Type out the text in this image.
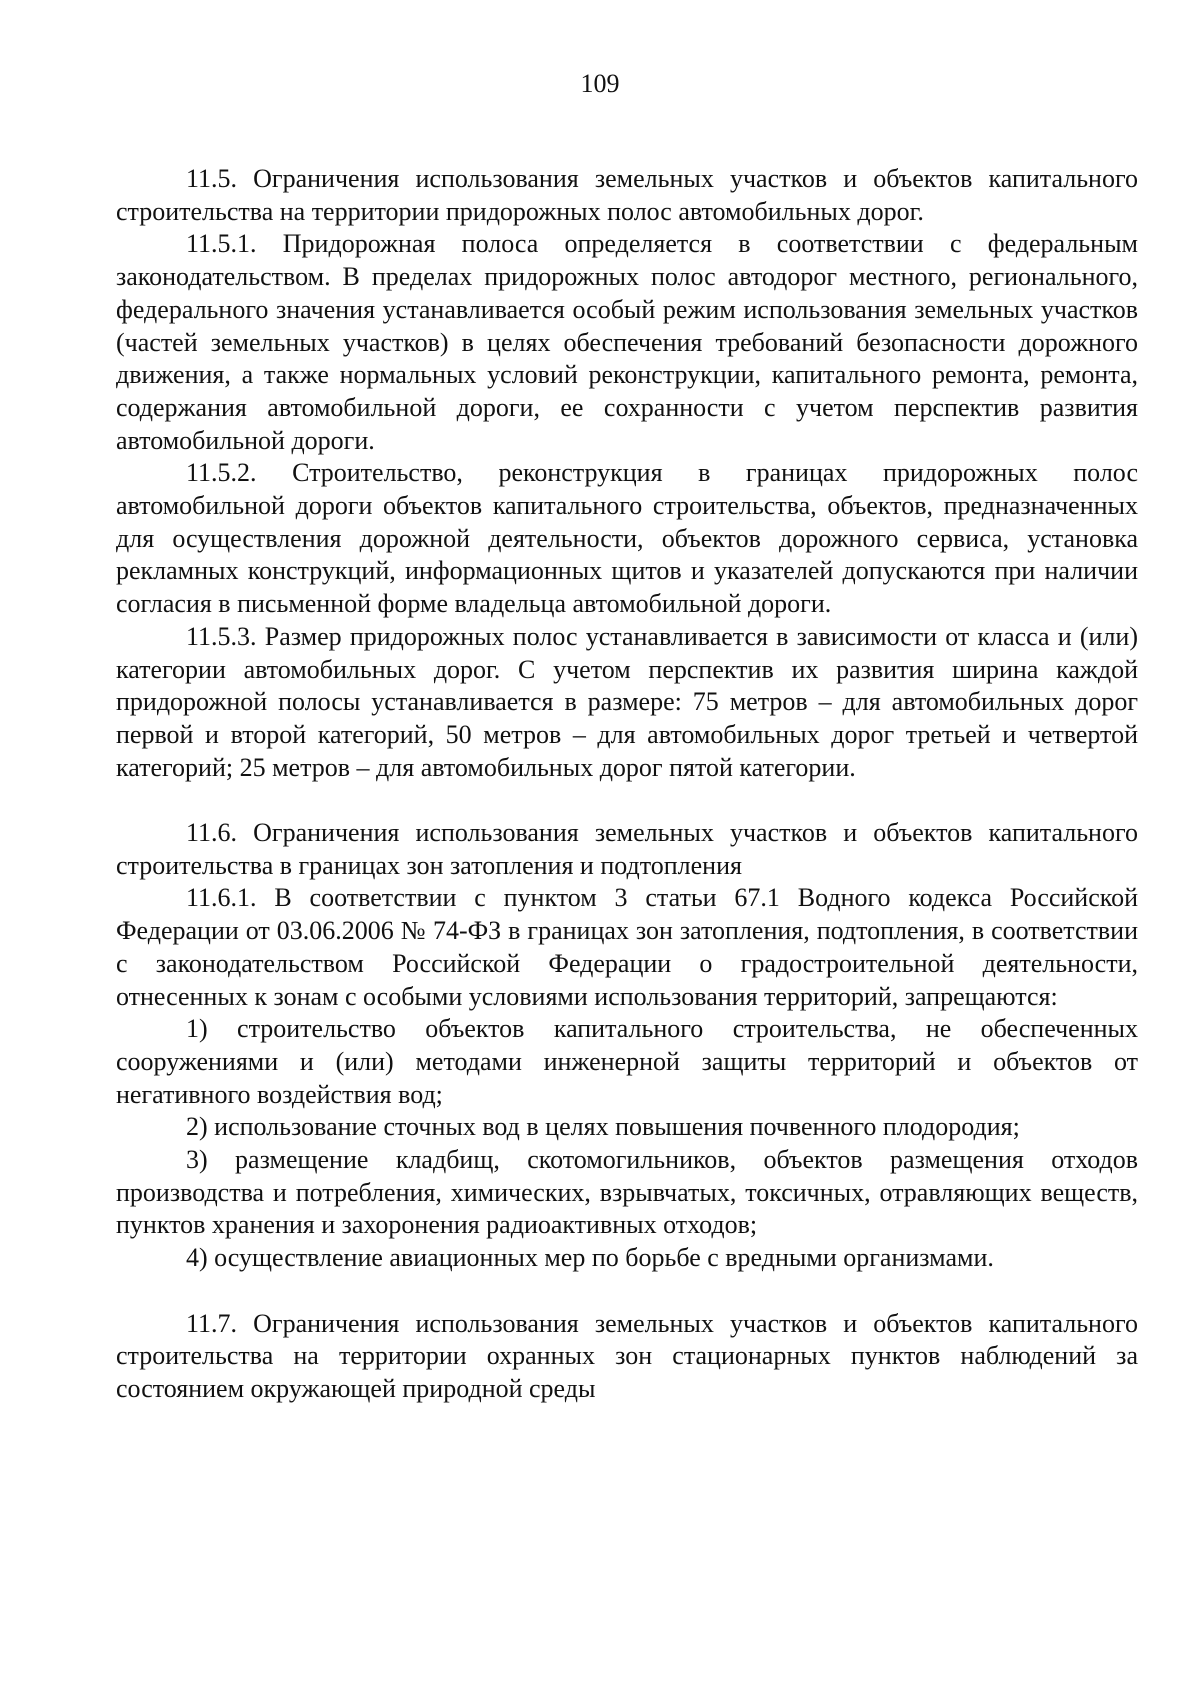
109

11.5. Ограничения использования земельных участков и объектов капитального строительства на территории придорожных полос автомобильных дорог.

11.5.1. Придорожная полоса определяется в соответствии с федеральным законодательством. В пределах придорожных полос автодорог местного, регионального, федерального значения устанавливается особый режим использования земельных участков (частей земельных участков) в целях обеспечения требований безопасности дорожного движения, а также нормальных условий реконструкции, капитального ремонта, ремонта, содержания автомобильной дороги, ее сохранности с учетом перспектив развития автомобильной дороги.

11.5.2. Строительство, реконструкция в границах придорожных полос автомобильной дороги объектов капитального строительства, объектов, предназначенных для осуществления дорожной деятельности, объектов дорожного сервиса, установка рекламных конструкций, информационных щитов и указателей допускаются при наличии согласия в письменной форме владельца автомобильной дороги.

11.5.3. Размер придорожных полос устанавливается в зависимости от класса и (или) категории автомобильных дорог. С учетом перспектив их развития ширина каждой придорожной полосы устанавливается в размере: 75 метров – для автомобильных дорог первой и второй категорий, 50 метров – для автомобильных дорог третьей и четвертой категорий; 25 метров – для автомобильных дорог пятой категории.

11.6. Ограничения использования земельных участков и объектов капитального строительства в границах зон затопления и подтопления

11.6.1. В соответствии с пунктом 3 статьи 67.1 Водного кодекса Российской Федерации от 03.06.2006 № 74-ФЗ в границах зон затопления, подтопления, в соответствии с законодательством Российской Федерации о градостроительной деятельности, отнесенных к зонам с особыми условиями использования территорий, запрещаются:

1) строительство объектов капитального строительства, не обеспеченных сооружениями и (или) методами инженерной защиты территорий и объектов от негативного воздействия вод;

2) использование сточных вод в целях повышения почвенного плодородия;

3) размещение кладбищ, скотомогильников, объектов размещения отходов производства и потребления, химических, взрывчатых, токсичных, отравляющих веществ, пунктов хранения и захоронения радиоактивных отходов;

4) осуществление авиационных мер по борьбе с вредными организмами.

11.7. Ограничения использования земельных участков и объектов капитального строительства на территории охранных зон стационарных пунктов наблюдений за состоянием окружающей природной среды
